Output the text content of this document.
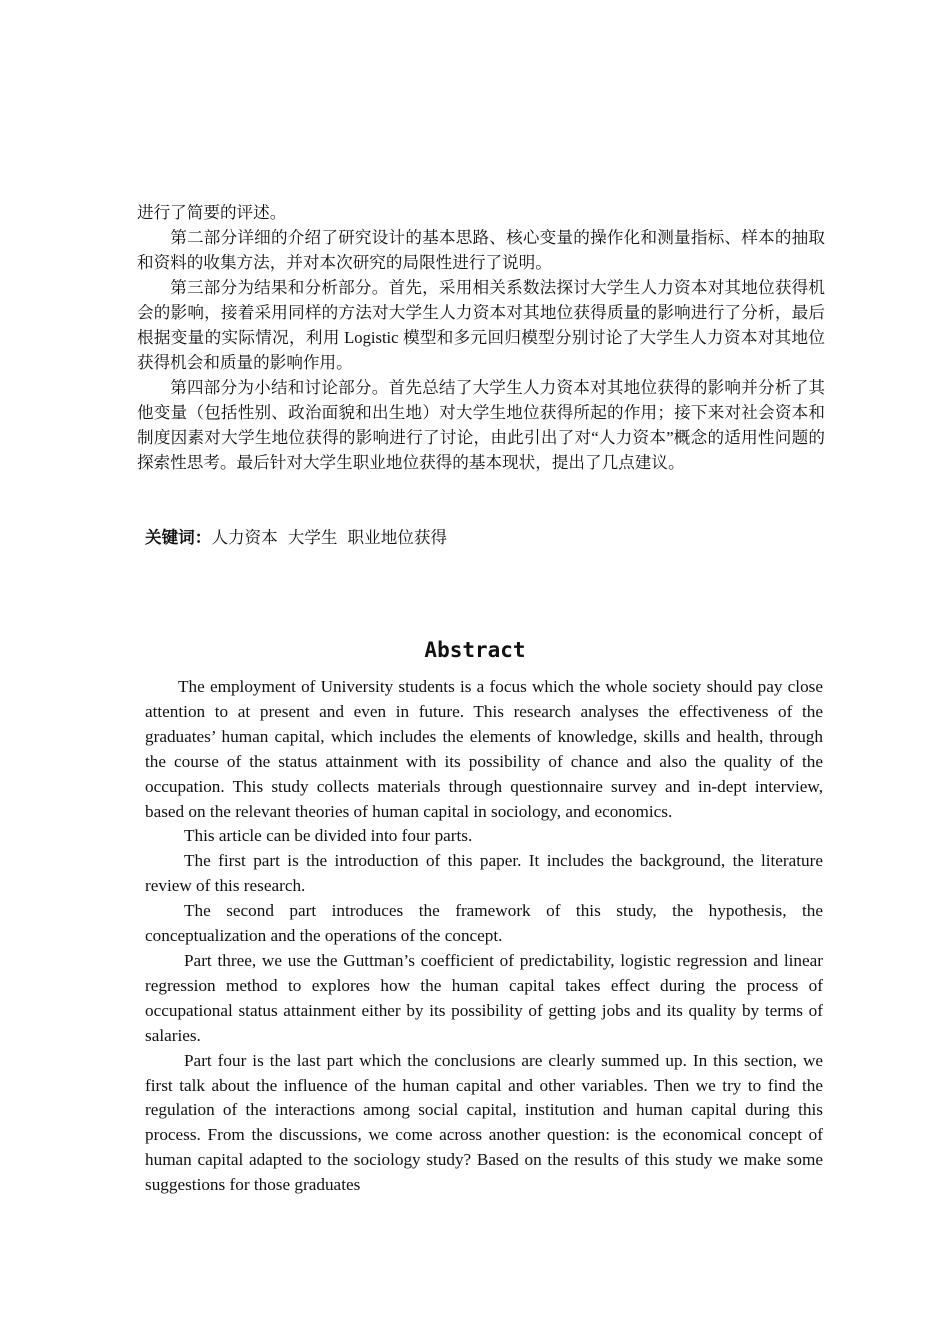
进行了简要的评述。

第二部分详细的介绍了研究设计的基本思路、核心变量的操作化和测量指标、样本的抽取和资料的收集方法，并对本次研究的局限性进行了说明。

第三部分为结果和分析部分。首先，采用相关系数法探讨大学生人力资本对其地位获得机会的影响，接着采用同样的方法对大学生人力资本对其地位获得质量的影响进行了分析，最后根据变量的实际情况，利用 Logistic 模型和多元回归模型分别讨论了大学生人力资本对其地位获得机会和质量的影响作用。

第四部分为小结和讨论部分。首先总结了大学生人力资本对其地位获得的影响并分析了其他变量（包括性别、政治面貌和出生地）对大学生地位获得所起的作用；接下来对社会资本和制度因素对大学生地位获得的影响进行了讨论，由此引出了对“人力资本”概念的适用性问题的探索性思考。最后针对大学生职业地位获得的基本现状，提出了几点建议。

关键词：人力资本 大学生 职业地位获得
Abstract

The employment of University students is a focus which the whole society should pay close attention to at present and even in future. This research analyses the effectiveness of the graduates’ human capital, which includes the elements of knowledge, skills and health, through the course of the status attainment with its possibility of chance and also the quality of the occupation. This study collects materials through questionnaire survey and in-dept interview, based on the relevant theories of human capital in sociology, and economics.

This article can be divided into four parts.

The first part is the introduction of this paper. It includes the background, the literature review of this research.

The second part introduces the framework of this study, the hypothesis, the conceptualization and the operations of the concept.

Part three, we use the Guttman’s coefficient of predictability, logistic regression and linear regression method to explores how the human capital takes effect during the process of occupational status attainment either by its possibility of getting jobs and its quality by terms of salaries.

Part four is the last part which the conclusions are clearly summed up. In this section, we first talk about the influence of the human capital and other variables. Then we try to find the regulation of the interactions among social capital, institution and human capital during this process. From the discussions, we come across another question: is the economical concept of human capital adapted to the sociology study? Based on the results of this study we make some suggestions for those graduates
